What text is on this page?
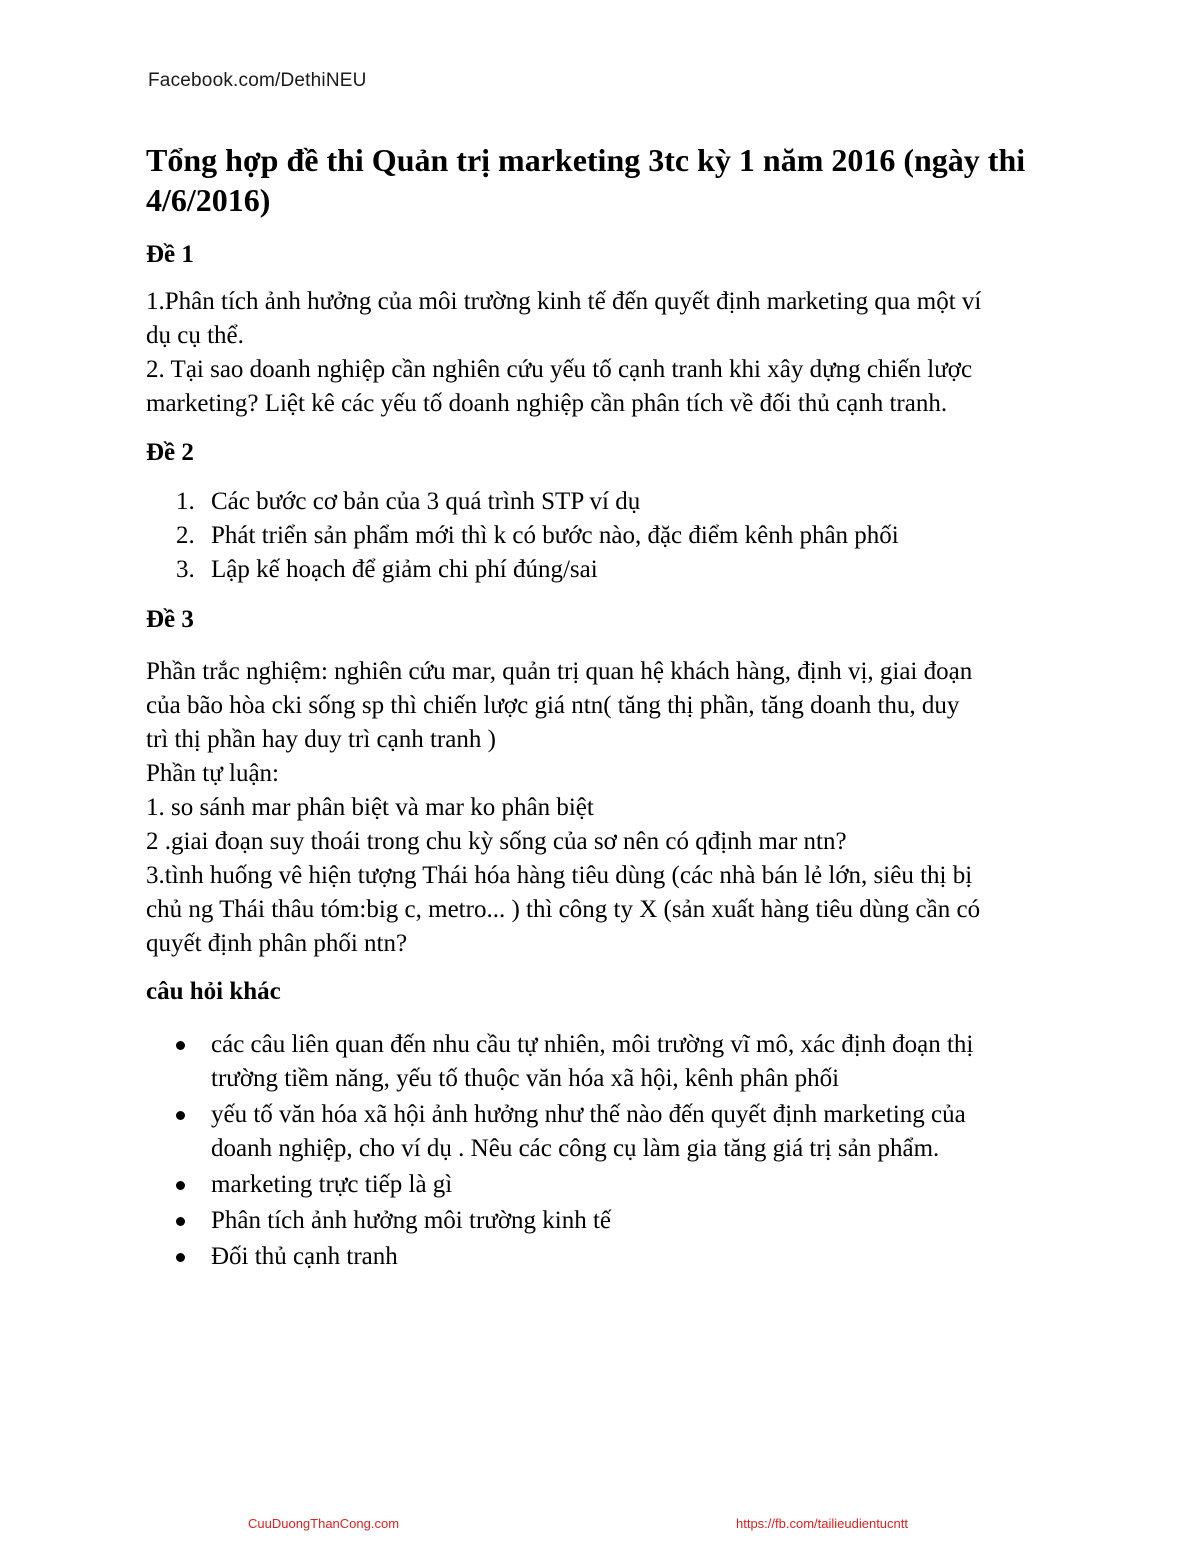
Facebook.com/DethiNEU
Tổng hợp đề thi Quản trị marketing 3tc kỳ 1 năm 2016 (ngày thi
4/6/2016)
Đề 1
1.Phân tích ảnh hưởng của môi trường kinh tế đến quyết định marketing qua một ví
dụ cụ thể.
2. Tại sao doanh nghiệp cần nghiên cứu yếu tố cạnh tranh khi xây dựng chiến lược
marketing? Liệt kê các yếu tố doanh nghiệp cần phân tích về đối thủ cạnh tranh.
Đề 2
1. Các bước cơ bản của 3 quá trình STP ví dụ
2. Phát triển sản phẩm mới thì k có bước nào, đặc điểm kênh phân phối
3. Lập kế hoạch để giảm chi phí đúng/sai
Đề 3
Phần trắc nghiệm: nghiên cứu mar, quản trị quan hệ khách hàng, định vị, giai đoạn
của bão hòa cki sống sp thì chiến lược giá ntn( tăng thị phần, tăng doanh thu, duy
trì thị phần hay duy trì cạnh tranh )
Phần tự luận:
1. so sánh mar phân biệt và mar ko phân biệt
2 .giai đoạn suy thoái trong chu kỳ sống của sơ nên có qđịnh mar ntn?
3.tình huống vê hiện tượng Thái hóa hàng tiêu dùng (các nhà bán lẻ lớn, siêu thị bị
chủ ng Thái thâu tóm:big c, metro... ) thì công ty X (sản xuất hàng tiêu dùng cần có
quyết định phân phối ntn?
câu hỏi khác
các câu liên quan đến nhu cầu tự nhiên, môi trường vĩ mô, xác định đoạn thị
trường tiềm năng, yếu tố thuộc văn hóa xã hội, kênh phân phối
yếu tố văn hóa xã hội ảnh hưởng như thế nào đến quyết định marketing của
doanh nghiệp, cho ví dụ . Nêu các công cụ làm gia tăng giá trị sản phẩm.
marketing trực tiếp là gì
Phân tích ảnh hưởng môi trường kinh tế
Đối thủ cạnh tranh
CuuDuongThanCong.com	https://fb.com/tailieudientucntt
